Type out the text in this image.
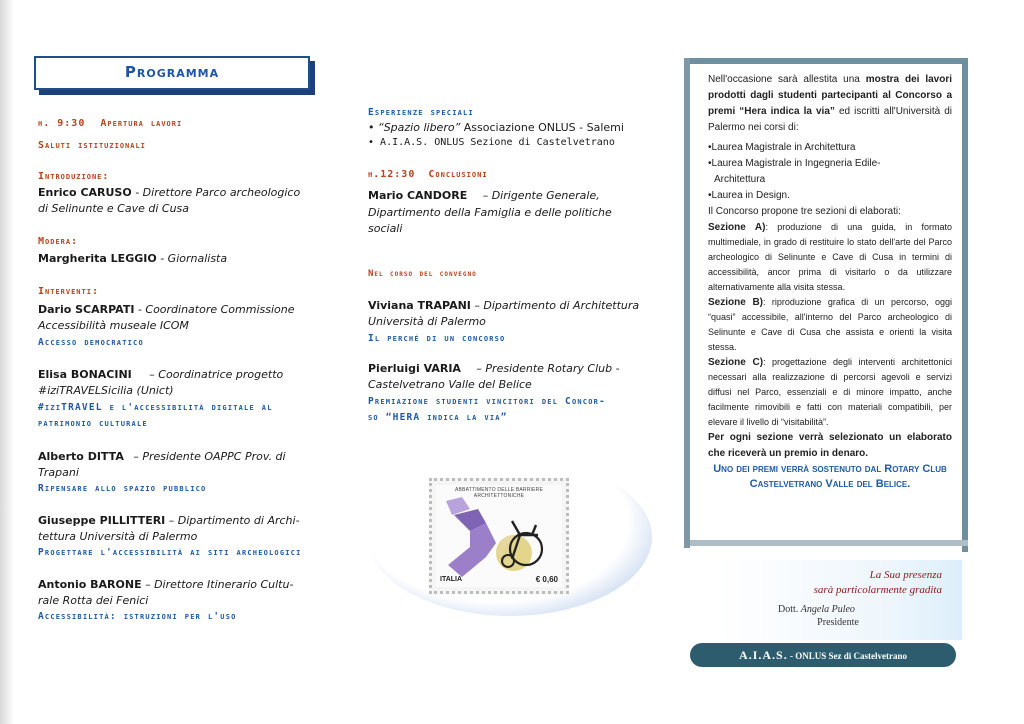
Programma
h. 9:30 Apertura lavori
Saluti istituzionali
Introduzione:
Enrico CARUSO - Direttore Parco archeologico
di Selinunte e Cave di Cusa
Modera:
Margherita LEGGIO - Giornalista
Interventi:
Dario SCARPATI - Coordinatore Commissione
Accessibilità museale ICOM
Accesso democratico
Elisa BONACINI – Coordinatrice progetto
#iziTRAVELSicilia (Unict)
#iziTRAVEL e l'accessibilità digitale al
patrimonio culturale
Alberto DITTA – Presidente OAPPC Prov. di
Trapani
Ripensare allo spazio pubblico
Giuseppe PILLITTERI – Dipartimento di Archi-
tettura Università di Palermo
Progettare l'accessibilità ai siti archeologici
Antonio BARONE – Direttore Itinerario Cultu-
rale Rotta dei Fenici
Accessibilità: istruzioni per l'uso
Esperienze speciali
• “Spazio libero” Associazione ONLUS - Salemi
• A.I.A.S. ONLUS Sezione di Castelvetrano
h.12:30 Conclusioni
Mario CANDORE – Dirigente Generale,
Dipartimento della Famiglia e delle politiche
sociali
Nel corso del convegno
Viviana TRAPANI – Dipartimento di Architettura
Università di Palermo
Il perché di un concorso
Pierluigi VARIA – Presidente Rotary Club -
Castelvetrano Valle del Belice
Premiazione studenti vincitori del Concor-
so “HERA indica la via”
ABBATTIMENTO DELLE BARRIERE ARCHITETTONICHE
ITALIA	€ 0,60

Nell'occasione sarà allestita una mostra dei lavori prodotti dagli studenti partecipanti al Concorso a premi “Hera indica la via” ed iscritti all'Università di Palermo nei corsi di:

•Laurea Magistrale in Architettura

•Laurea Magistrale in Ingegneria Edile-

Architettura

•Laurea in Design.

Il Concorso propone tre sezioni di elaborati:

Sezione A): produzione di una guida, in formato multimediale, in grado di restituire lo stato dell'arte del Parco archeologico di Selinunte e Cave di Cusa in termini di accessibilità, ancor prima di visitarlo o da utilizzare alternativamente alla visita stessa.

Sezione B): riproduzione grafica di un percorso, oggi “quasi” accessibile, all'interno del Parco archeologico di Selinunte e Cave di Cusa che assista e orienti la visita stessa.

Sezione C): progettazione degli interventi architettonici necessari alla realizzazione di percorsi agevoli e servizi diffusi nel Parco, essenziali e di minore impatto, anche facilmente rimovibili e fatti con materiali compatibili, per elevare il livello di “visitabilità”.

Per ogni sezione verrà selezionato un elaborato che riceverà un premio in denaro.

Uno dei premi verrà sostenuto dal Rotary Club Castelvetrano Valle del Belice.

La Sua presenza
sarà particolarmente gradita
Dott. Angela Puleo
Presidente
A.I.A.S. - ONLUS Sez di Castelvetrano
